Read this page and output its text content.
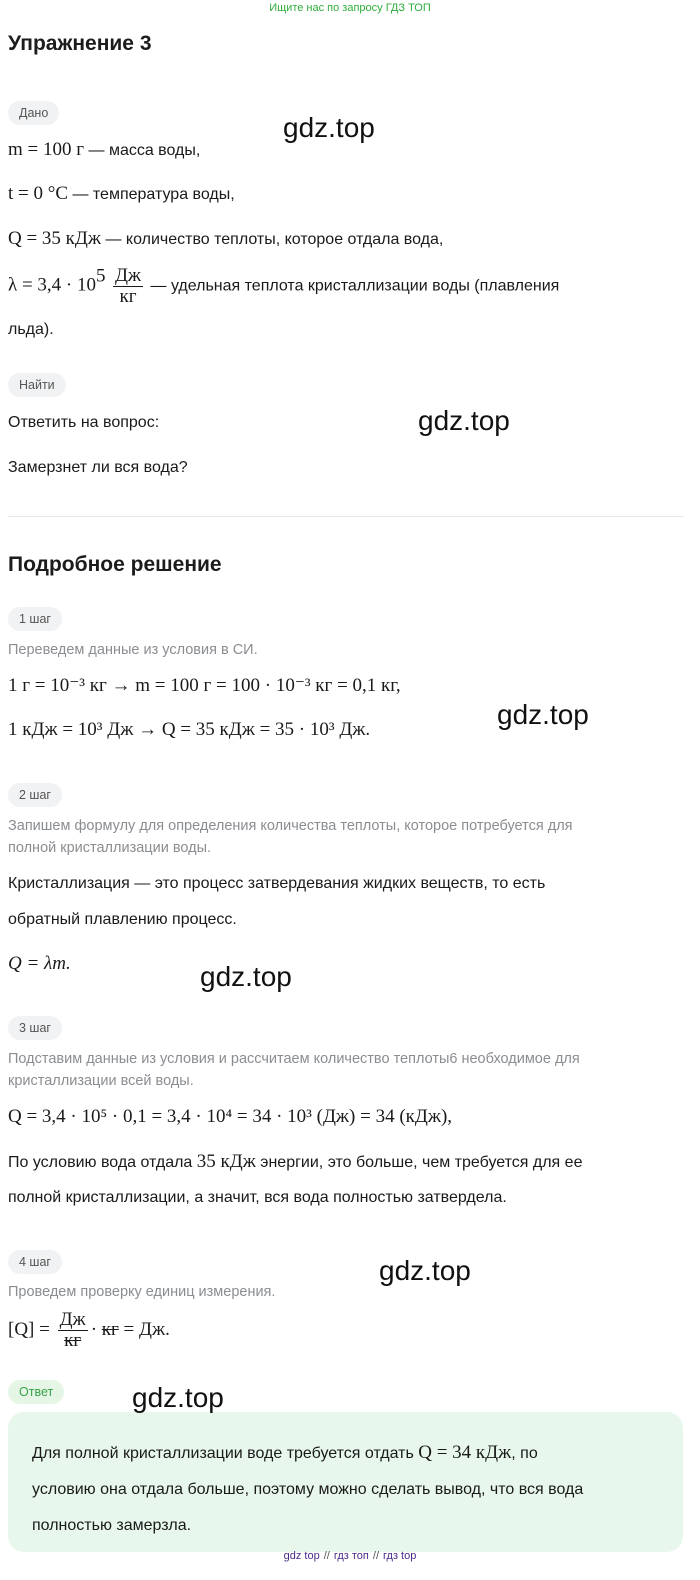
Ищите нас по запросу ГДЗ ТОП
Упражнение 3
Дано
m = 100 г — масса воды,
t = 0 °C — температура воды,
Q = 35 кДж — количество теплоты, которое отдала вода,
$\lambda = 3,4 \cdot 10^5 \frac{Дж}{кг}$ — удельная теплота кристаллизации воды (плавления
льда).
Найти
Ответить на вопрос:
Замерзнет ли вся вода?
Подробное решение
1 шаг
Переведем данные из условия в СИ.
1 г = 10⁻³ кг → m = 100 г = 100 · 10⁻³ кг = 0,1 кг,
1 кДж = 10³ Дж → Q = 35 кДж = 35 · 10³ Дж.
2 шаг
Запишем формулу для определения количества теплоты, которое потребуется для
полной кристаллизации воды.
Кристаллизация — это процесс затвердевания жидких веществ, то есть
обратный плавлению процесс.
Q = λm.
3 шаг
Подставим данные из условия и рассчитаем количество теплоты6 необходимое для
кристаллизации всей воды.
Q = 3,4 · 10⁵ · 0,1 = 3,4 · 10⁴ = 34 · 10³ (Дж) = 34 (кДж),
По условию вода отдала 35 кДж энергии, это больше, чем требуется для ее
полной кристаллизации, а значит, вся вода полностью затвердела.
4 шаг
Проведем проверку единиц измерения.
$[Q] = \frac{Дж}{кг}$ · кг = Дж.
Ответ
Для полной кристаллизации воде требуется отдать Q = 34 кДж, по
условию она отдала больше, поэтому можно сделать вывод, что вся вода
полностью замерзла.
gdz.top
gdz.top
gdz.top
gdz.top
gdz.top
gdz.top
gdz top // гдз топ // гдз top
